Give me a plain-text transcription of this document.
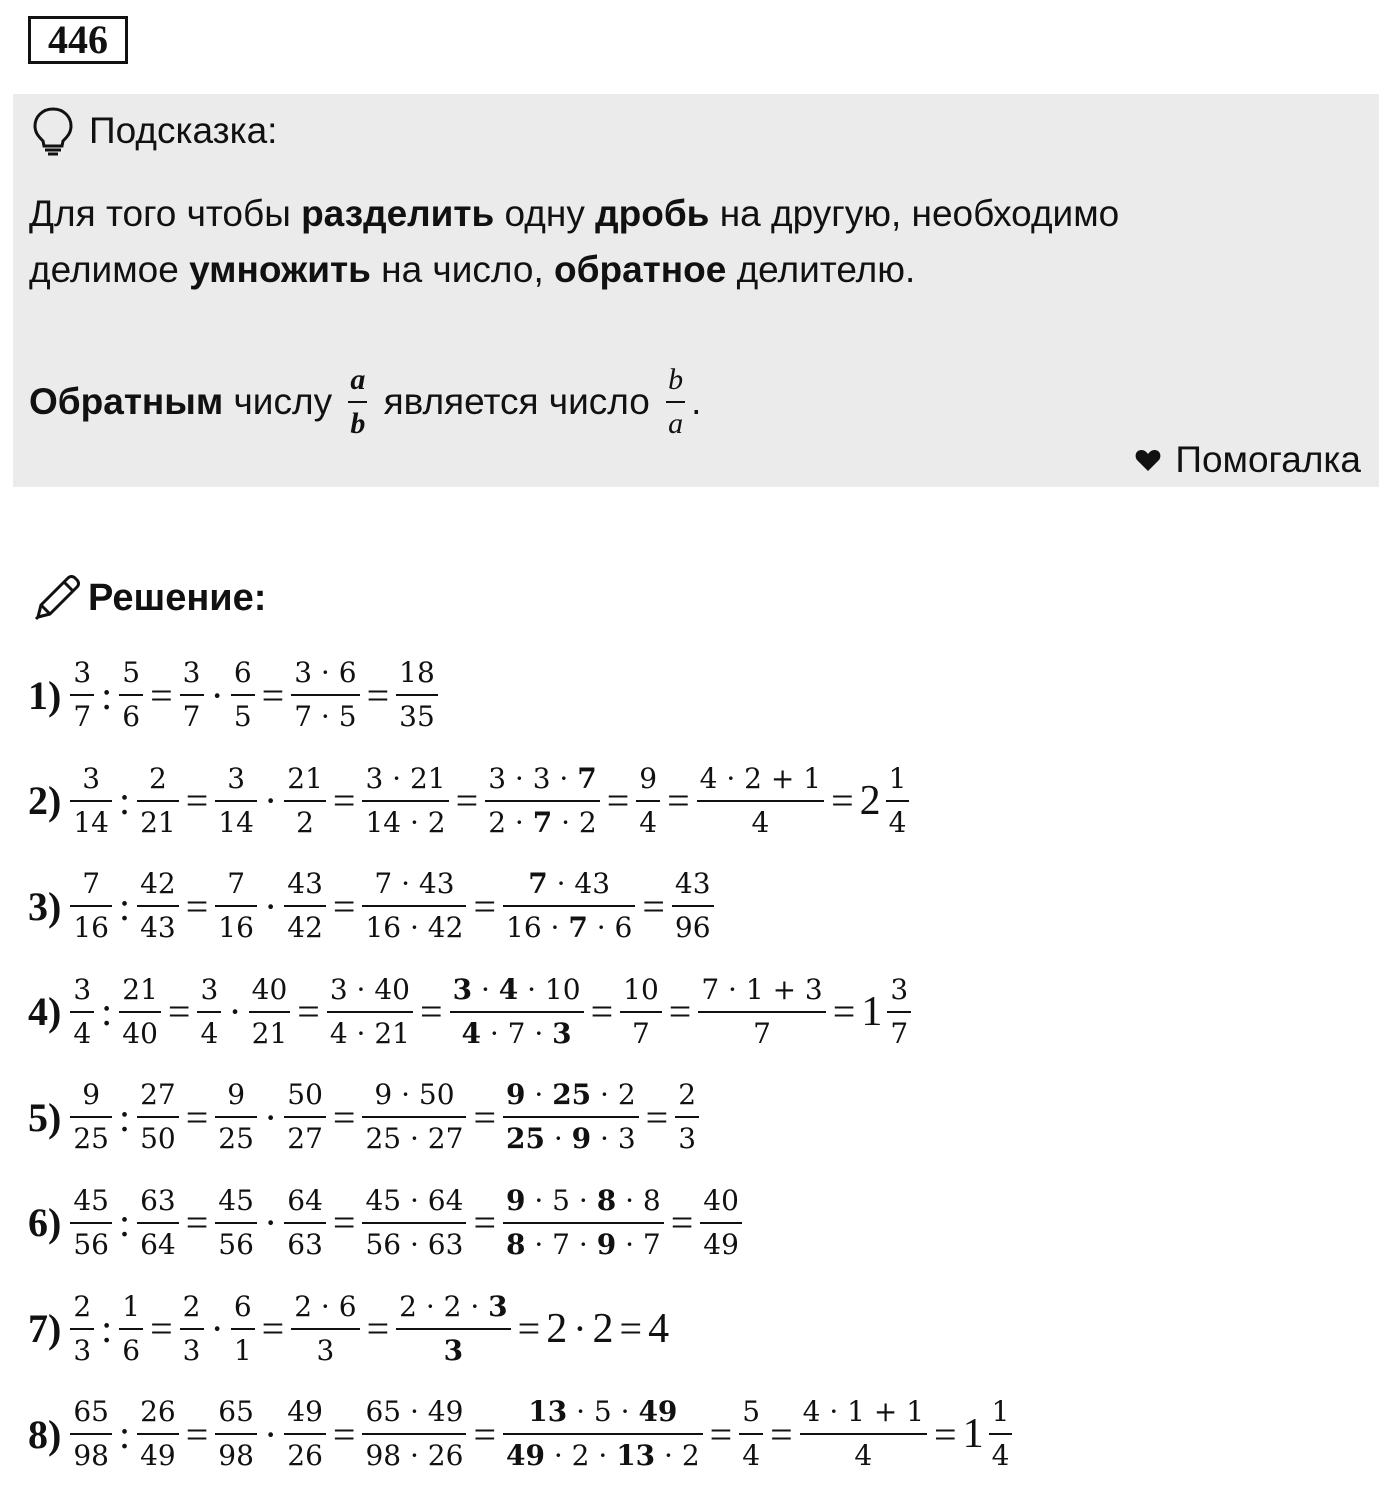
446
Подсказка:
Для того чтобы разделить одну дробь на другую, необходимо
делимое умножить на число, обратное делителю.
Обратным числу $\frac{a}{b}$ является число $\frac{b}{a}$ .
Помогалка
Решение:
$1) \frac{3}{7}$ : $\frac{5}{6} = \frac{3}{7} \cdot \frac{6}{5} = \frac{3 \cdot 6}{7 \cdot 5} = \frac{18}{35}$
$2) \frac{3}{14}$ : $\frac{2}{21} = \frac{3}{14} \cdot \frac{21}{2} = \frac{3 \cdot 21}{14 \cdot 2} = \frac{3 \cdot 3 \cdot 7}{2 \cdot 7 \cdot 2} = \frac{9}{4} = \frac{4 \cdot 2 + 1}{4} = 2 \frac{1}{4}$
$3) \frac{7}{16}$ : $\frac{42}{43} = \frac{7}{16} \cdot \frac{43}{42} = \frac{7 \cdot 43}{16 \cdot 42} = \frac{7 \cdot 43}{16 \cdot 7 \cdot 6} = \frac{43}{96}$
$4) \frac{3}{4}$ : $\frac{21}{40} = \frac{3}{4} \cdot \frac{40}{21} = \frac{3 \cdot 40}{4 \cdot 21} = \frac{3 \cdot 4 \cdot 10}{4 \cdot 7 \cdot 3} = \frac{10}{7} = \frac{7 \cdot 1 + 3}{7} = 1 \frac{3}{7}$
$5) \frac{9}{25}$ : $\frac{27}{50} = \frac{9}{25} \cdot \frac{50}{27} = \frac{9 \cdot 50}{25 \cdot 27} = \frac{9 \cdot 25 \cdot 2}{25 \cdot 9 \cdot 3} = \frac{2}{3}$
$6) \frac{45}{56}$ : $\frac{63}{64} = \frac{45}{56} \cdot \frac{64}{63} = \frac{45 \cdot 64}{56 \cdot 63} = \frac{9 \cdot 5 \cdot 8 \cdot 8}{8 \cdot 7 \cdot 9 \cdot 7} = \frac{40}{49}$
$7) \frac{2}{3}$ : $\frac{1}{6} = \frac{2}{3} \cdot \frac{6}{1} = \frac{2 \cdot 6}{3} = \frac{2 \cdot 2 \cdot 3}{3} = 2 \cdot 2 = 4$
$8) \frac{65}{98}$ : $\frac{26}{49} = \frac{65}{98} \cdot \frac{49}{26} = \frac{65 \cdot 49}{98 \cdot 26} = \frac{13 \cdot 5 \cdot 49}{49 \cdot 2 \cdot 13 \cdot 2} = \frac{5}{4} = \frac{4 \cdot 1 + 1}{4} = 1 \frac{1}{4}$
